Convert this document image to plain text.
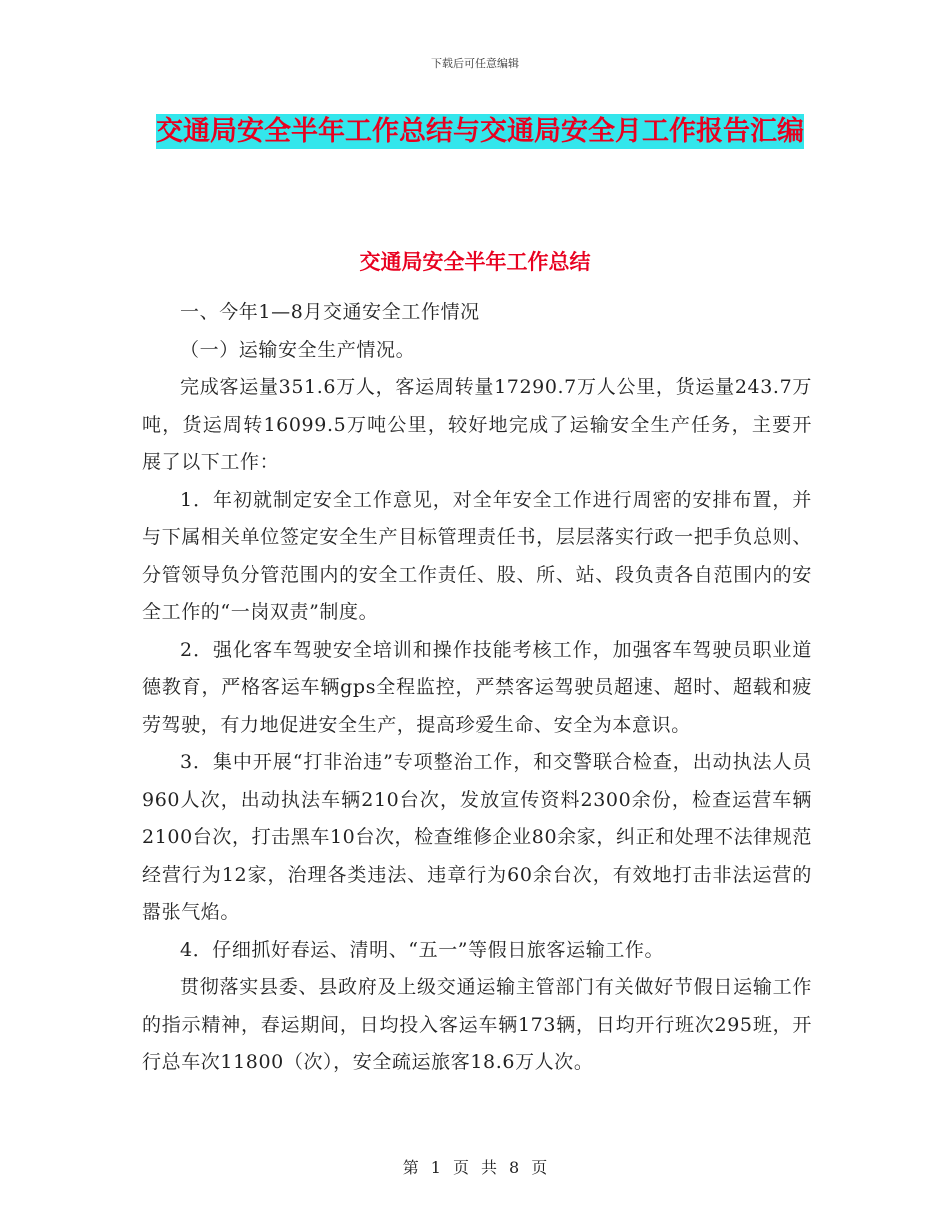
下载后可任意编辑
交通局安全半年工作总结与交通局安全月工作报告汇编
交通局安全半年工作总结

一、今年1—8月交通安全工作情况

（一）运输安全生产情况。

完成客运量351.6万人，客运周转量17290.7万人公里，货运量243.7万吨，货运周转16099.5万吨公里，较好地完成了运输安全生产任务，主要开展了以下工作：

1．年初就制定安全工作意见，对全年安全工作进行周密的安排布置，并与下属相关单位签定安全生产目标管理责任书，层层落实行政一把手负总则、分管领导负分管范围内的安全工作责任、股、所、站、段负责各自范围内的安全工作的“一岗双责”制度。

2．强化客车驾驶安全培训和操作技能考核工作，加强客车驾驶员职业道德教育，严格客运车辆gps全程监控，严禁客运驾驶员超速、超时、超载和疲劳驾驶，有力地促进安全生产，提高珍爱生命、安全为本意识。

3．集中开展“打非治违”专项整治工作，和交警联合检查，出动执法人员960人次，出动执法车辆210台次，发放宣传资料2300余份，检查运营车辆2100台次，打击黑车10台次，检查维修企业80余家，纠正和处理不法律规范经营行为12家，治理各类违法、违章行为60余台次，有效地打击非法运营的嚣张气焰。

4．仔细抓好春运、清明、“五一”等假日旅客运输工作。

贯彻落实县委、县政府及上级交通运输主管部门有关做好节假日运输工作的指示精神，春运期间，日均投入客运车辆173辆，日均开行班次295班，开行总车次11800（次），安全疏运旅客18.6万人次。

第 1 页 共 8 页
